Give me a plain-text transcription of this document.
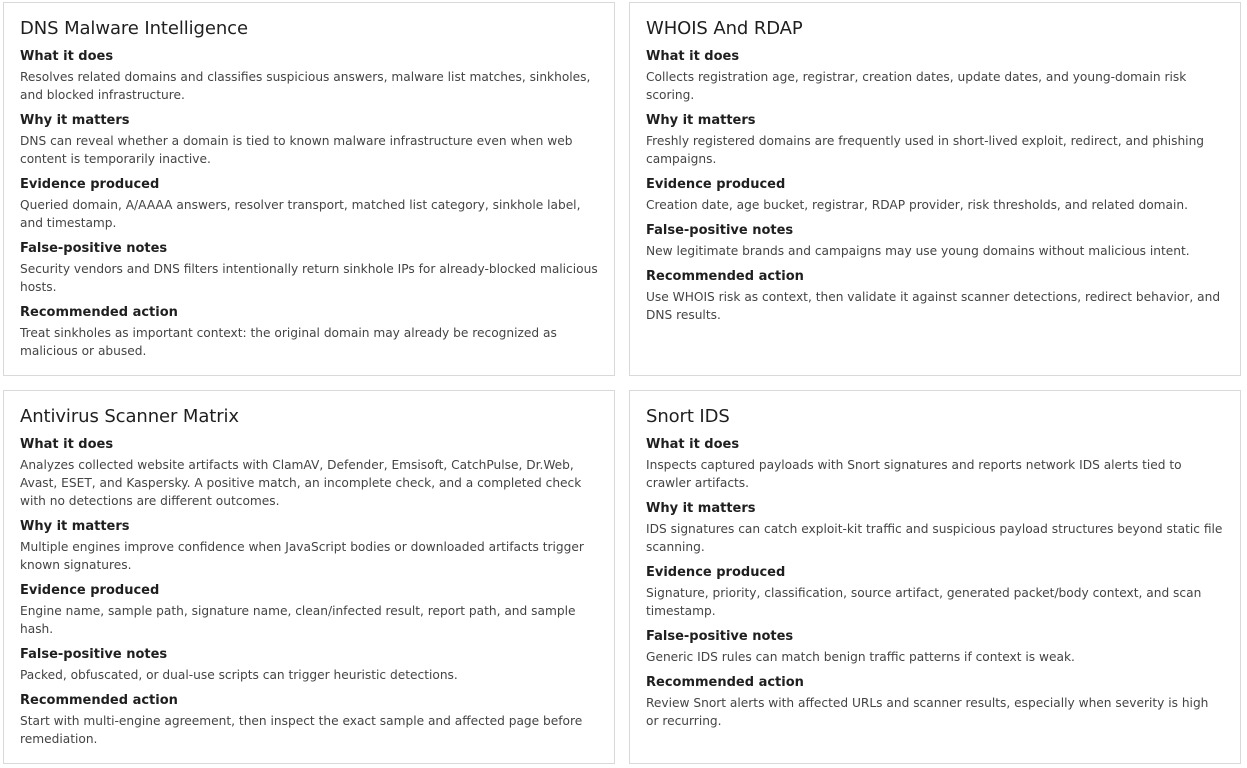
DNS Malware Intelligence
What it does

Resolves related domains and classifies suspicious answers, malware list matches, sinkholes, and blocked infrastructure.

Why it matters

DNS can reveal whether a domain is tied to known malware infrastructure even when web content is temporarily inactive.

Evidence produced

Queried domain, A/AAAA answers, resolver transport, matched list category, sinkhole label, and timestamp.

False-positive notes

Security vendors and DNS filters intentionally return sinkhole IPs for already-blocked malicious hosts.

Recommended action

Treat sinkholes as important context: the original domain may already be recognized as malicious or abused.

WHOIS And RDAP
What it does

Collects registration age, registrar, creation dates, update dates, and young-domain risk scoring.

Why it matters

Freshly registered domains are frequently used in short-lived exploit, redirect, and phishing campaigns.

Evidence produced

Creation date, age bucket, registrar, RDAP provider, risk thresholds, and related domain.

False-positive notes

New legitimate brands and campaigns may use young domains without malicious intent.

Recommended action

Use WHOIS risk as context, then validate it against scanner detections, redirect behavior, and DNS results.

Antivirus Scanner Matrix
What it does

Analyzes collected website artifacts with ClamAV, Defender, Emsisoft, CatchPulse, Dr.Web, Avast, ESET, and Kaspersky. A positive match, an incomplete check, and a completed check with no detections are different outcomes.

Why it matters

Multiple engines improve confidence when JavaScript bodies or downloaded artifacts trigger known signatures.

Evidence produced

Engine name, sample path, signature name, clean/infected result, report path, and sample hash.

False-positive notes

Packed, obfuscated, or dual-use scripts can trigger heuristic detections.

Recommended action

Start with multi-engine agreement, then inspect the exact sample and affected page before remediation.

Snort IDS
What it does

Inspects captured payloads with Snort signatures and reports network IDS alerts tied to crawler artifacts.

Why it matters

IDS signatures can catch exploit-kit traffic and suspicious payload structures beyond static file scanning.

Evidence produced

Signature, priority, classification, source artifact, generated packet/body context, and scan timestamp.

False-positive notes

Generic IDS rules can match benign traffic patterns if context is weak.

Recommended action

Review Snort alerts with affected URLs and scanner results, especially when severity is high or recurring.
